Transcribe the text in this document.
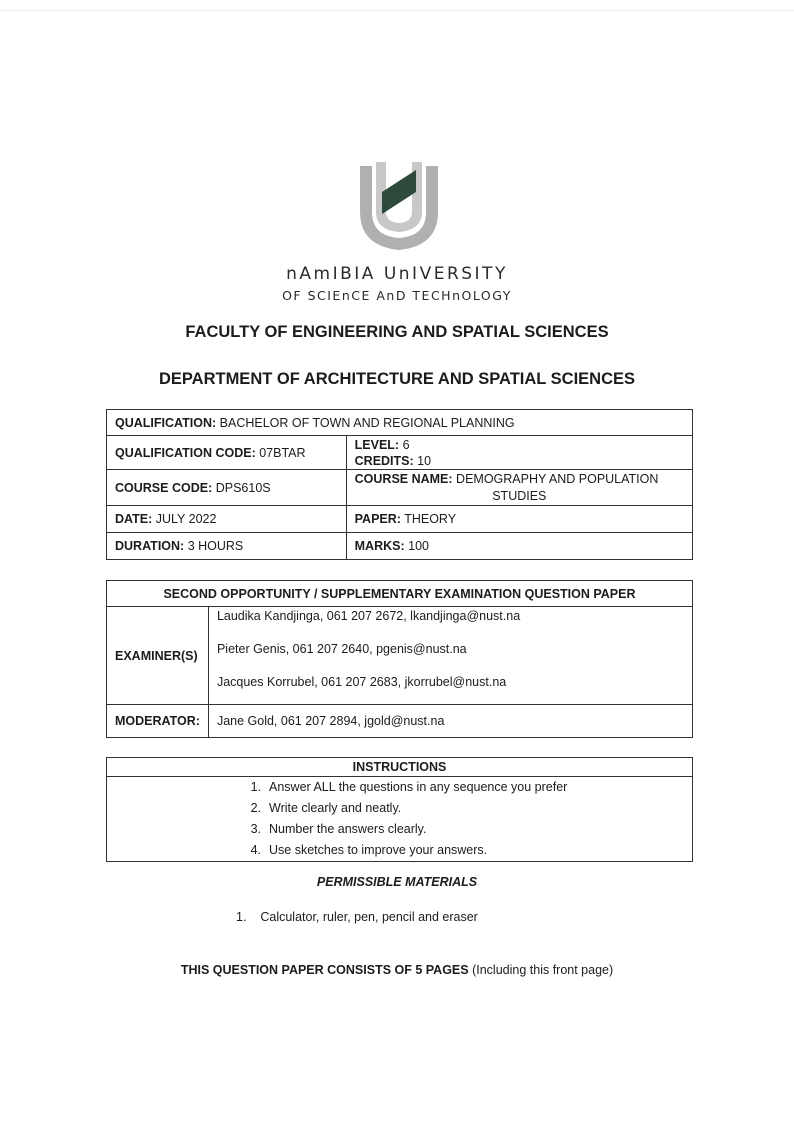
nAmIBIA UnIVERSITY
OF SCIEnCE AnD TECHnOLOGY
FACULTY OF ENGINEERING AND SPATIAL SCIENCES
DEPARTMENT OF ARCHITECTURE AND SPATIAL SCIENCES
QUALIFICATION: BACHELOR OF TOWN AND REGIONAL PLANNING	
QUALIFICATION CODE: 07BTAR	LEVEL: 6
CREDITS: 10

COURSE CODE: DPS610S	COURSE NAME: DEMOGRAPHY AND POPULATION
STUDIES

DATE: JULY 2022	PAPER: THEORY
DURATION: 3 HOURS	MARKS: 100
SECOND OPPORTUNITY / SUPPLEMENTARY EXAMINATION QUESTION PAPER	
EXAMINER(S)	Laudika Kandjinga, 061 207 2672, lkandjinga@nust.na
Pieter Genis, 061 207 2640, pgenis@nust.na
Jacques Korrubel, 061 207 2683, jkorrubel@nust.na

MODERATOR:	Jane Gold, 061 207 2894, jgold@nust.na
INSTRUCTIONS

1. Answer ALL the questions in any sequence you prefer
2. Write clearly and neatly.
3. Number the answers clearly.
4. Use sketches to improve your answers.
PERMISSIBLE MATERIALS
1. Calculator, ruler, pen, pencil and eraser
THIS QUESTION PAPER CONSISTS OF 5 PAGES (Including this front page)
